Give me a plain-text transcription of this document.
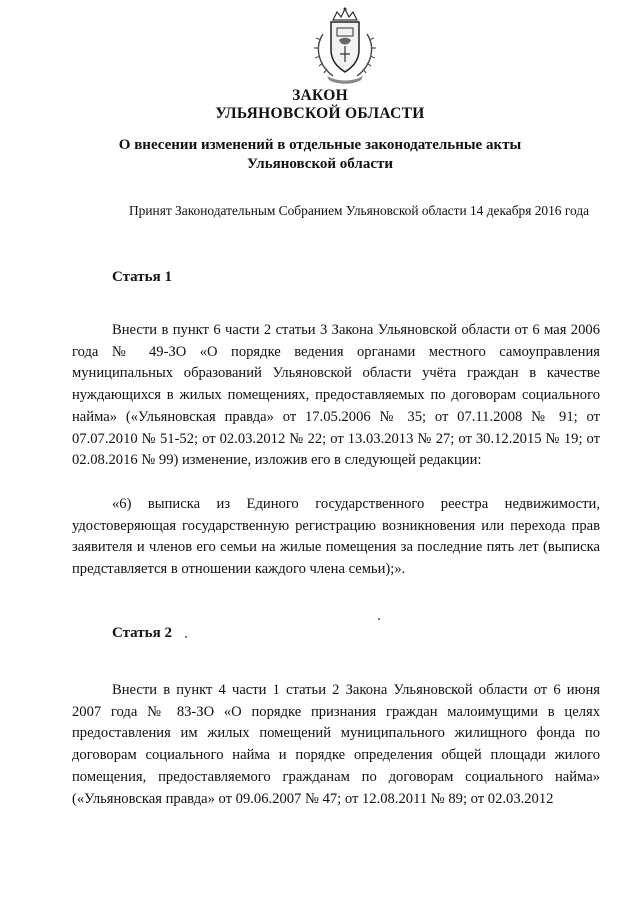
ЗАКОН
УЛЬЯНОВСКОЙ ОБЛАСТИ
О внесении изменений в отдельные законодательные акты
Ульяновской области
Принят Законодательным Собранием Ульяновской области 14 декабря 2016 года
Статья 1

Внести в пункт 6 части 2 статьи 3 Закона Ульяновской области от 6 мая 2006 года № 49-ЗО «О порядке ведения органами местного самоуправления муниципальных образований Ульяновской области учёта граждан в качестве нуждающихся в жилых помещениях, предоставляемых по договорам социального найма» («Ульяновская правда» от 17.05.2006 № 35; от 07.11.2008 № 91; от 07.07.2010 № 51-52; от 02.03.2012 № 22; от 13.03.2013 № 27; от 30.12.2015 № 19; от 02.08.2016 № 99) изменение, изложив его в следующей редакции:

«6) выписка из Единого государственного реестра недвижимости, удостоверяющая государственную регистрацию возникновения или перехода прав заявителя и членов его семьи на жилые помещения за последние пять лет (выписка представляется в отношении каждого члена семьи);».

Статья 2

Внести в пункт 4 части 1 статьи 2 Закона Ульяновской области от 6 июня 2007 года № 83-ЗО «О порядке признания граждан малоимущими в целях предоставления им жилых помещений муниципального жилищного фонда по договорам социального найма и порядке определения общей площади жилого помещения, предоставляемого гражданам по договорам социального найма» («Ульяновская правда» от 09.06.2007 № 47; от 12.08.2011 № 89; от 02.03.2012
